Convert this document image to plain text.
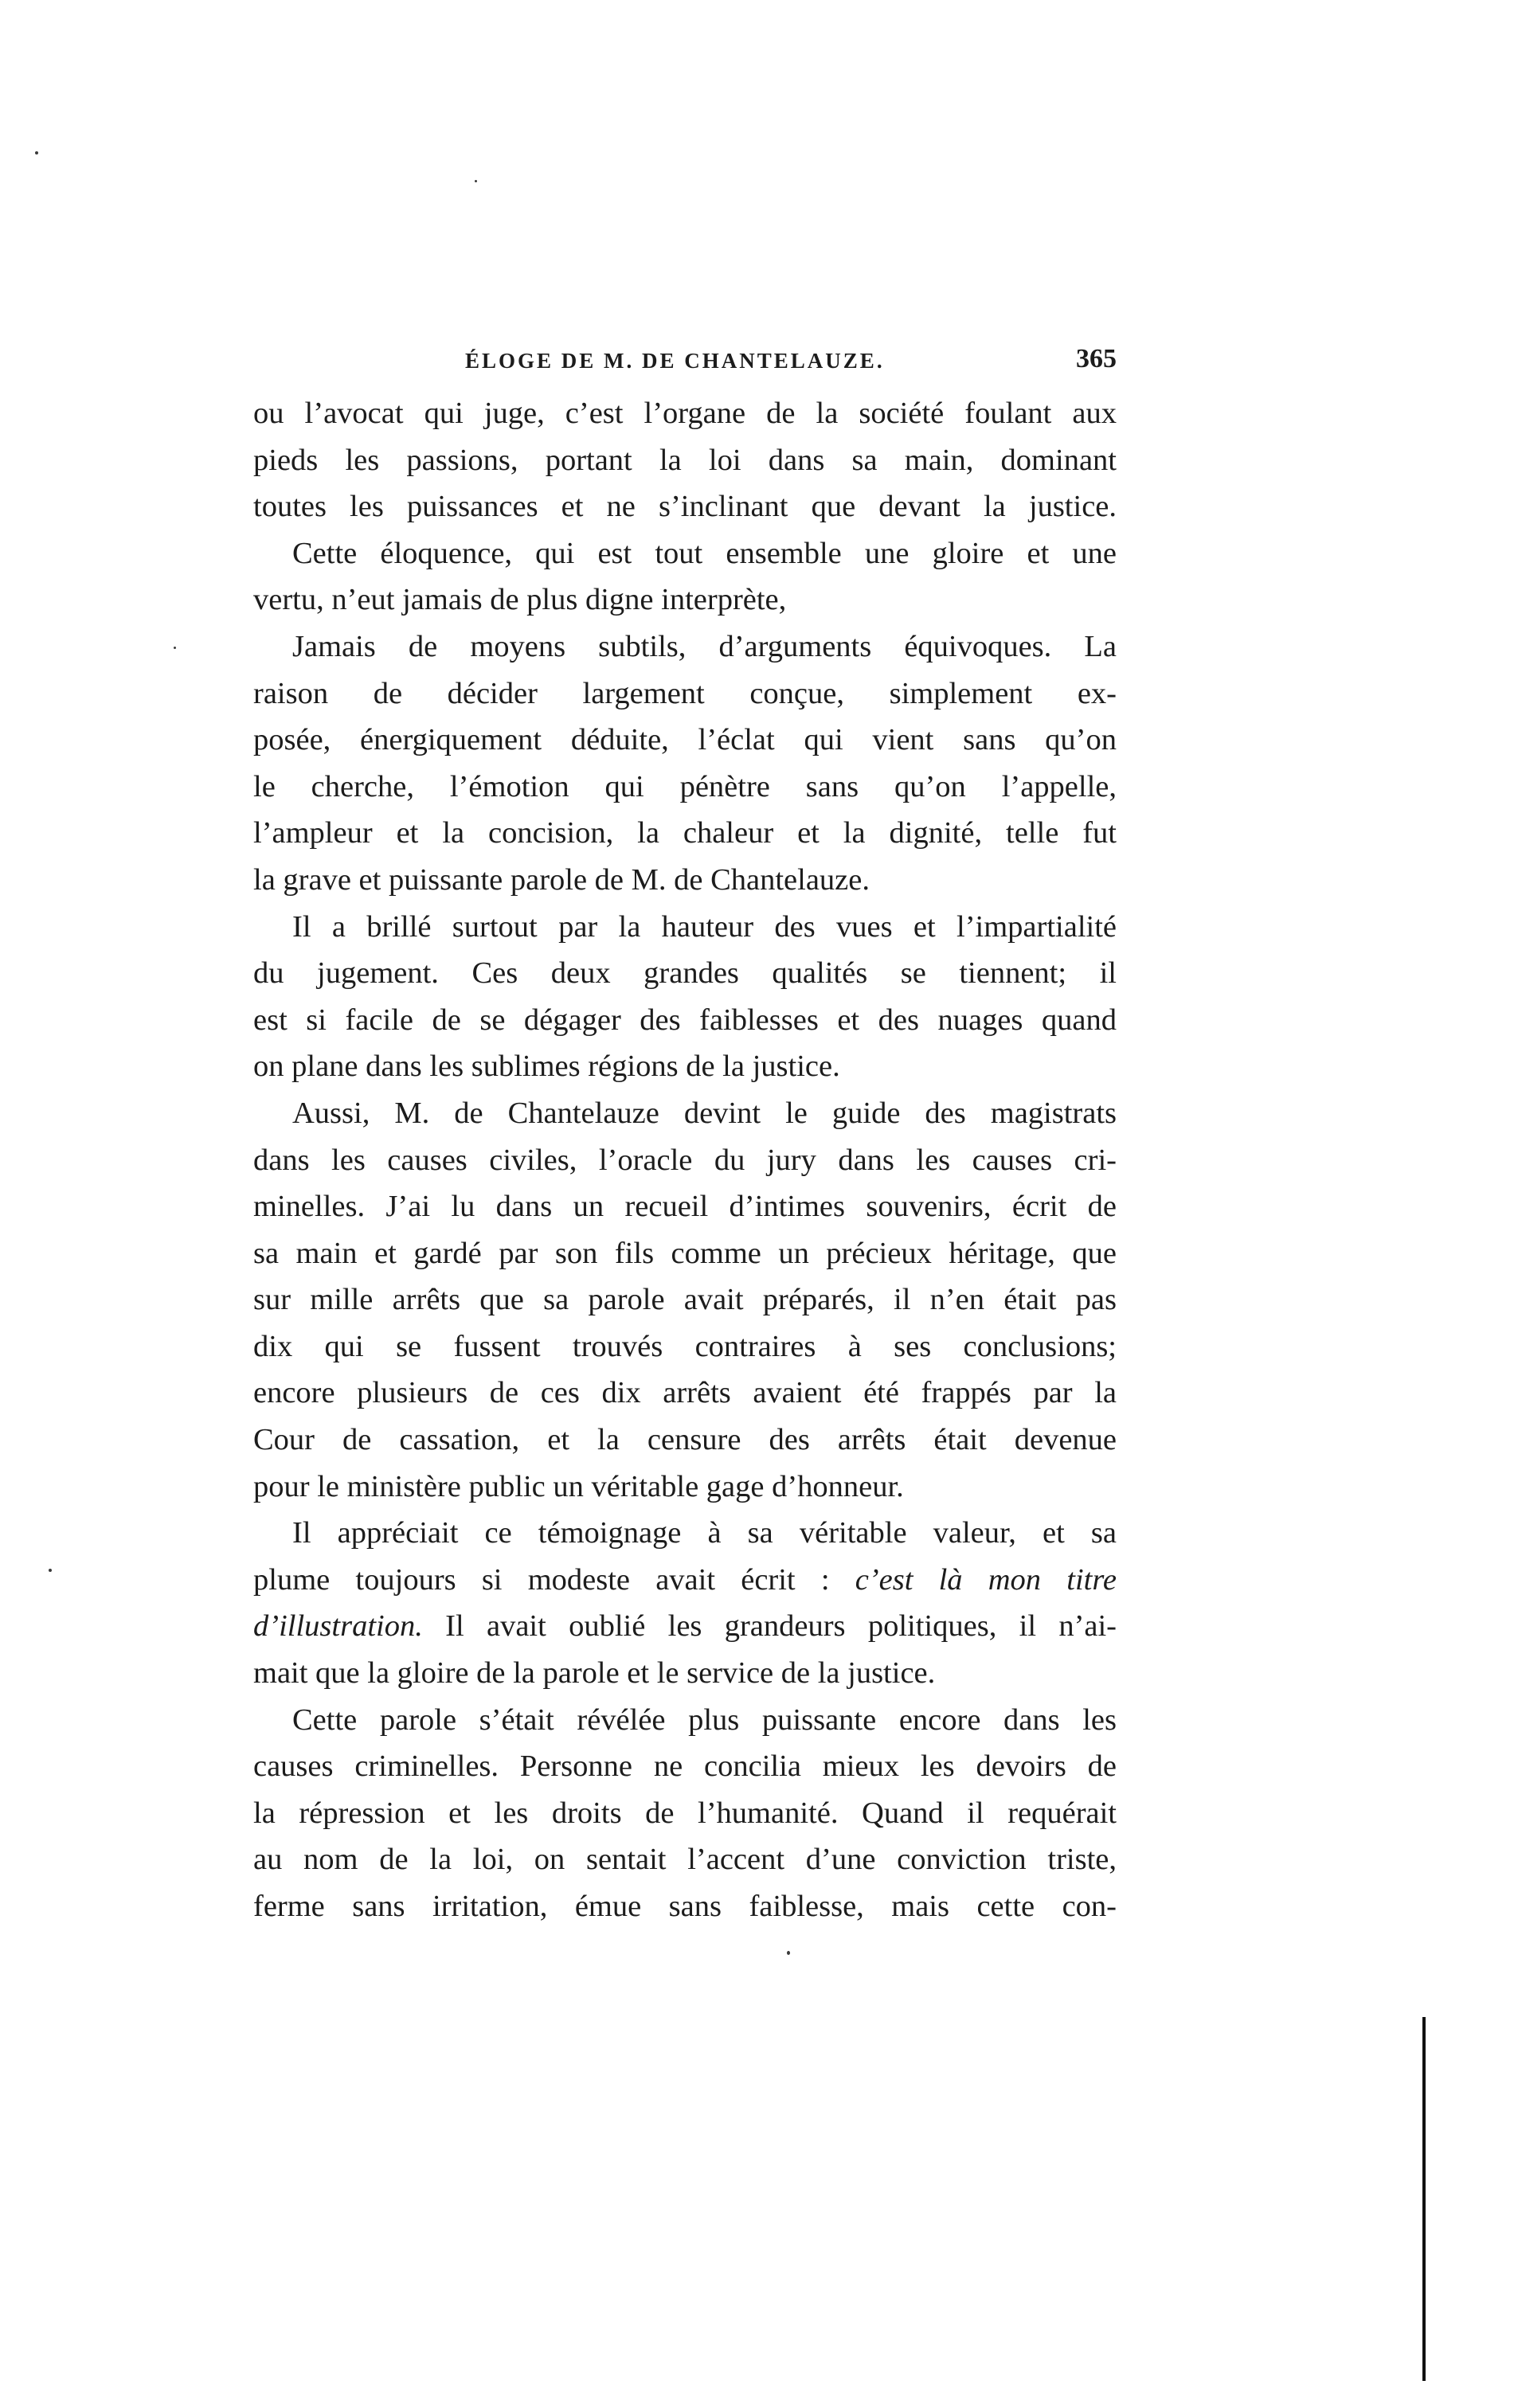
ÉLOGE DE M. DE CHANTELAUZE.	365

ou l’avocat qui juge, c’est l’organe de la société foulant aux
pieds les passions, portant la loi dans sa main, dominant
toutes les puissances et ne s’inclinant que devant la justice.

Cette éloquence, qui est tout ensemble une gloire et une
vertu, n’eut jamais de plus digne interprète,

Jamais de moyens subtils, d’arguments équivoques. La
raison de décider largement conçue, simplement ex-
posée, énergiquement déduite, l’éclat qui vient sans qu’on
le cherche, l’émotion qui pénètre sans qu’on l’appelle,
l’ampleur et la concision, la chaleur et la dignité, telle fut
la grave et puissante parole de M. de Chantelauze.

Il a brillé surtout par la hauteur des vues et l’impartialité
du jugement. Ces deux grandes qualités se tiennent; il
est si facile de se dégager des faiblesses et des nuages quand
on plane dans les sublimes régions de la justice.

Aussi, M. de Chantelauze devint le guide des magistrats
dans les causes civiles, l’oracle du jury dans les causes cri-
minelles. J’ai lu dans un recueil d’intimes souvenirs, écrit de
sa main et gardé par son fils comme un précieux héritage, que
sur mille arrêts que sa parole avait préparés, il n’en était pas
dix qui se fussent trouvés contraires à ses conclusions;
encore plusieurs de ces dix arrêts avaient été frappés par la
Cour de cassation, et la censure des arrêts était devenue
pour le ministère public un véritable gage d’honneur.

Il appréciait ce témoignage à sa véritable valeur, et sa
plume toujours si modeste avait écrit : c’est là mon titre
d’illustration. Il avait oublié les grandeurs politiques, il n’ai-
mait que la gloire de la parole et le service de la justice.

Cette parole s’était révélée plus puissante encore dans les
causes criminelles. Personne ne concilia mieux les devoirs de
la répression et les droits de l’humanité. Quand il requérait
au nom de la loi, on sentait l’accent d’une conviction triste,
ferme sans irritation, émue sans faiblesse, mais cette con-
